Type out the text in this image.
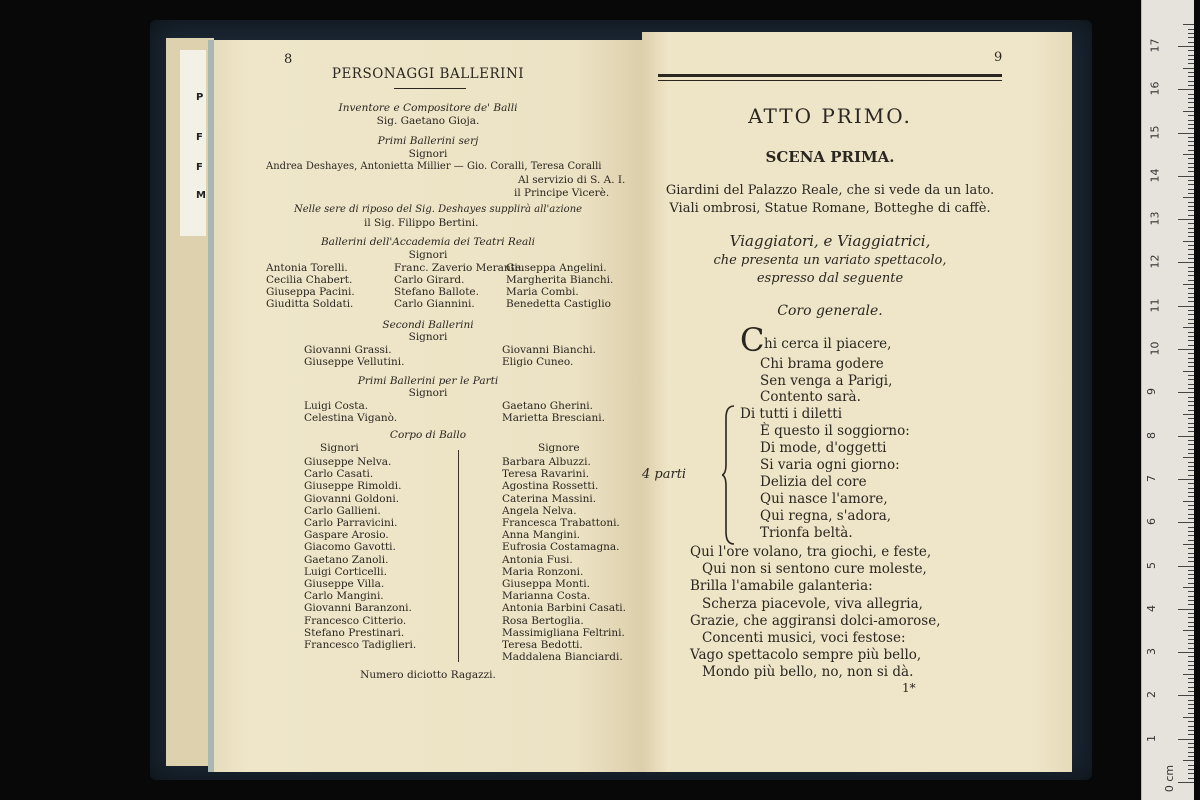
P
F
F
M
8
PERSONAGGI BALLERINI
Inventore e Compositore de' Balli
Sig. Gaetano Gioja.
Primi Ballerini serj
Signori
Andrea Deshayes, Antonietta Millier — Gio. Coralli, Teresa Coralli
Al servizio di S. A. I.
il Principe Vicerè.
Nelle sere di riposo del Sig. Deshayes supplirà all'azione
il Sig. Filippo Bertini.
Ballerini dell'Accademia dei Teatri Reali
Signori
Antonia Torelli.
Cecilia Chabert.
Giuseppa Pacini.
Giuditta Soldati.
Franc. Zaverio Merante.
Carlo Girard.
Stefano Ballote.
Carlo Giannini.
Giuseppa Angelini.
Margherita Bianchi.
Maria Combi.
Benedetta Castiglio
Secondi Ballerini
Signori
Giovanni Grassi.
Giuseppe Vellutini.
Giovanni Bianchi.
Eligio Cuneo.
Primi Ballerini per le Parti
Signori
Luigi Costa.
Celestina Viganò.
Gaetano Gherini.
Marietta Bresciani.
Corpo di Ballo
Signori	Signore
Giuseppe Nelva.
Carlo Casati.
Giuseppe Rimoldi.
Giovanni Goldoni.
Carlo Gallieni.
Carlo Parravicini.
Gaspare Arosio.
Giacomo Gavotti.
Gaetano Zanoli.
Luigi Corticelli.
Giuseppe Villa.
Carlo Mangini.
Giovanni Baranzoni.
Francesco Citterio.
Stefano Prestinari.
Francesco Tadiglieri.
Barbara Albuzzi.
Teresa Ravarini.
Agostina Rossetti.
Caterina Massini.
Angela Nelva.
Francesca Trabattoni.
Anna Mangini.
Eufrosia Costamagna.
Antonia Fusi.
Maria Ronzoni.
Giuseppa Monti.
Marianna Costa.
Antonia Barbini Casati.
Rosa Bertoglia.
Massimigliana Feltrini.
Teresa Bedotti.
Maddalena Bianciardi.
Numero diciotto Ragazzi.
9
ATTO PRIMO.
SCENA PRIMA.
Giardini del Palazzo Reale, che si vede da un lato.
Viali ombrosi, Statue Romane, Botteghe di caffè.
Viaggiatori, e Viaggiatrici,
che presenta un variato spettacolo,
espresso dal seguente
Coro generale.
C hi cerca il piacere,
Chi brama godere
Sen venga a Parigi,
Contento sarà.
Di tutti i diletti
È questo il soggiorno:
Di mode, d'oggetti
Si varia ogni giorno:
Delizia del core
Qui nasce l'amore,
Qui regna, s'adora,
Trionfa beltà.
4 parti
Qui l'ore volano, tra giochi, e feste,
Qui non si sentono cure moleste,
Brilla l'amabile galanteria:
Scherza piacevole, viva allegria,
Grazie, che aggiransi dolci-amorose,
Concenti musici, voci festose:
Vago spettacolo sempre più bello,
Mondo più bello, no, non si dà.
1*
0 cm
1
2
3
4
5
6
7
8
9
10
11
12
13
14
15
16
17
